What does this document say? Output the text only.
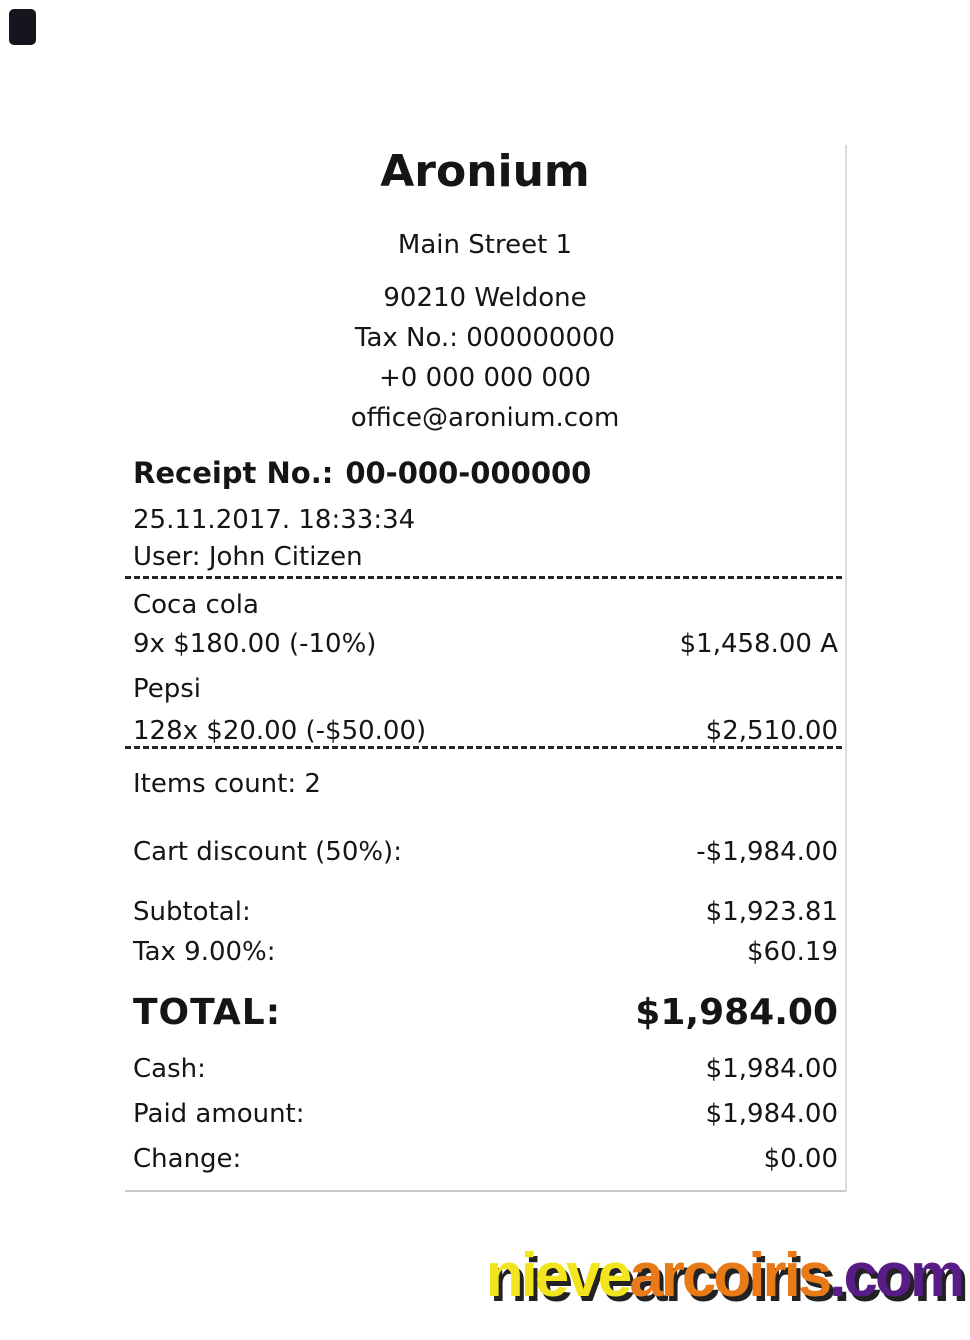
Aronium
Main Street 1
90210 Weldone
Tax No.: 000000000
+0 000 000 000
office@aronium.com
Receipt No.: 00-000-000000
25.11.2017. 18:33:34
User: John Citizen
Coca cola
9x $180.00 (-10%)	$1,458.00 A
Pepsi
128x $20.00 (-$50.00)	$2,510.00
Items count: 2
Cart discount (50%):	-$1,984.00
Subtotal:	$1,923.81
Tax 9.00%:	$60.19
TOTAL:	$1,984.00
Cash:	$1,984.00
Paid amount:	$1,984.00
Change:	$0.00
nievearcoiris.com
